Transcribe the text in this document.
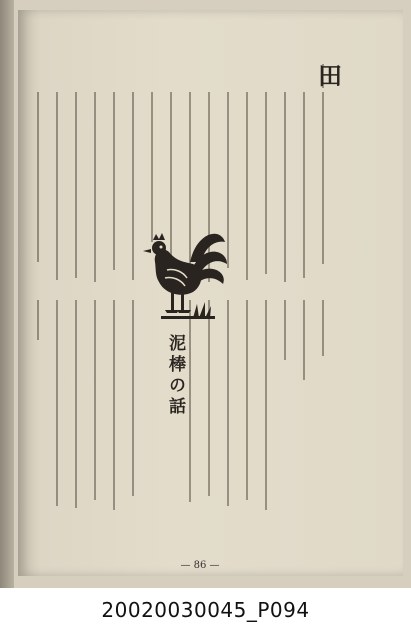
田
泥棒の話
— 86 —
20020030045_P094
